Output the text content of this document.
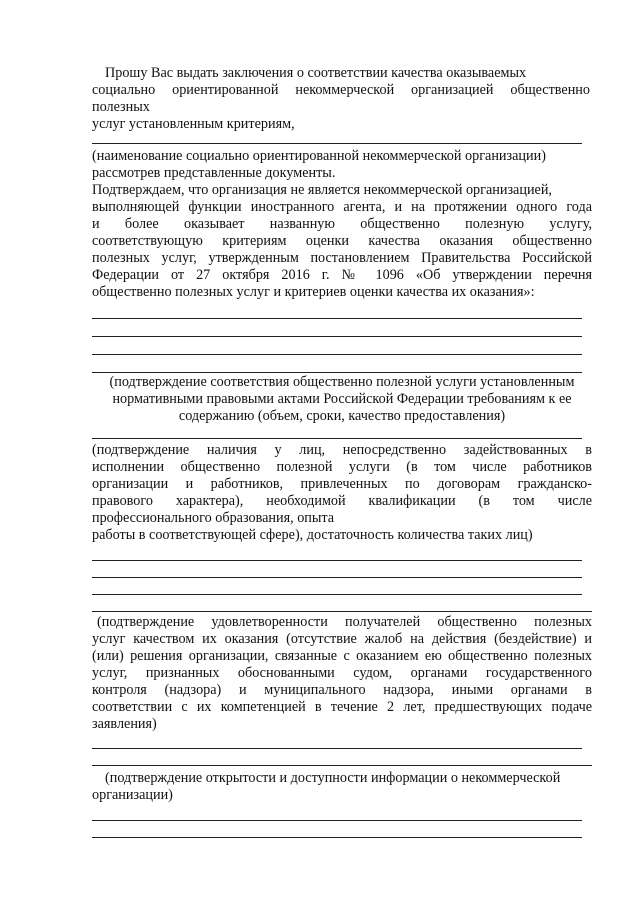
Прошу Вас выдать заключения о соответствии качества оказываемых
социально ориентированной некоммерческой организацией общественно
полезных
услуг установленным критериям,
(наименование социально ориентированной некоммерческой организации)
рассмотрев представленные документы.
Подтверждаем, что организация не является некоммерческой организацией,
выполняющей функции иностранного агента, и на протяжении одного года
и более оказывает названную общественно полезную услугу,
соответствующую критериям оценки качества оказания общественно
полезных услуг, утвержденным постановлением Правительства Российской
Федерации от 27 октября 2016 г. № 1096 «Об утверждении перечня
общественно полезных услуг и критериев оценки качества их оказания»:
(подтверждение соответствия общественно полезной услуги установленным
нормативными правовыми актами Российской Федерации требованиям к ее
содержанию (объем, сроки, качество предоставления)
(подтверждение наличия у лиц, непосредственно задействованных в
исполнении общественно полезной услуги (в том числе работников
организации и работников, привлеченных по договорам гражданско-
правового характера), необходимой квалификации (в том числе
профессионального образования, опыта
работы в соответствующей сфере), достаточность количества таких лиц)
(подтверждение удовлетворенности получателей общественно полезных
услуг качеством их оказания (отсутствие жалоб на действия (бездействие) и
(или) решения организации, связанные с оказанием ею общественно полезных
услуг, признанных обоснованными судом, органами государственного
контроля (надзора) и муниципального надзора, иными органами в
соответствии с их компетенцией в течение 2 лет, предшествующих подаче
заявления)
(подтверждение открытости и доступности информации о некоммерческой
организации)
